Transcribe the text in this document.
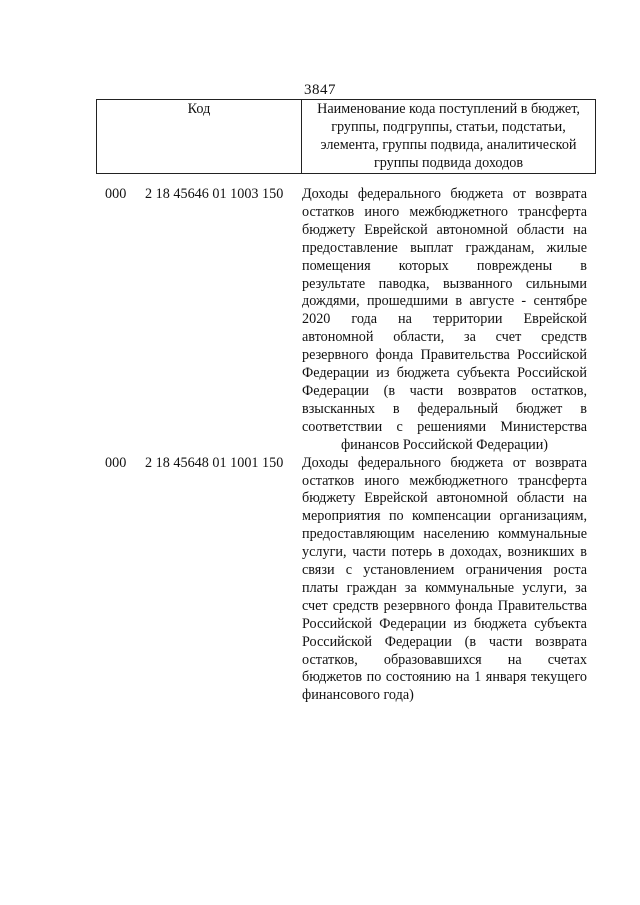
3847
Код	Наименование кода поступлений в бюджет,
группы, подгруппы, статьи, подстатьи,
элемента, группы подвида, аналитической
группы подвида доходов
000 2 18 45646 01 1003 150 Доходы федерального бюджета от возврата
остатков иного межбюджетного трансферта
бюджету Еврейской автономной области на
предоставление выплат гражданам, жилые
помещения которых повреждены в
результате паводка, вызванного сильными
дождями, прошедшими в августе - сентябре
2020 года на территории Еврейской
автономной области, за счет средств
резервного фонда Правительства Российской
Федерации из бюджета субъекта Российской
Федерации (в части возвратов остатков,
взысканных в федеральный бюджет в
соответствии с решениями Министерства
финансов Российской Федерации)
000 2 18 45648 01 1001 150 Доходы федерального бюджета от возврата
остатков иного межбюджетного трансферта
бюджету Еврейской автономной области на
мероприятия по компенсации организациям,
предоставляющим населению коммунальные
услуги, части потерь в доходах, возникших в
связи с установлением ограничения роста
платы граждан за коммунальные услуги, за
счет средств резервного фонда Правительства
Российской Федерации из бюджета субъекта
Российской Федерации (в части возврата
остатков, образовавшихся на счетах
бюджетов по состоянию на 1 января текущего
финансового года)
